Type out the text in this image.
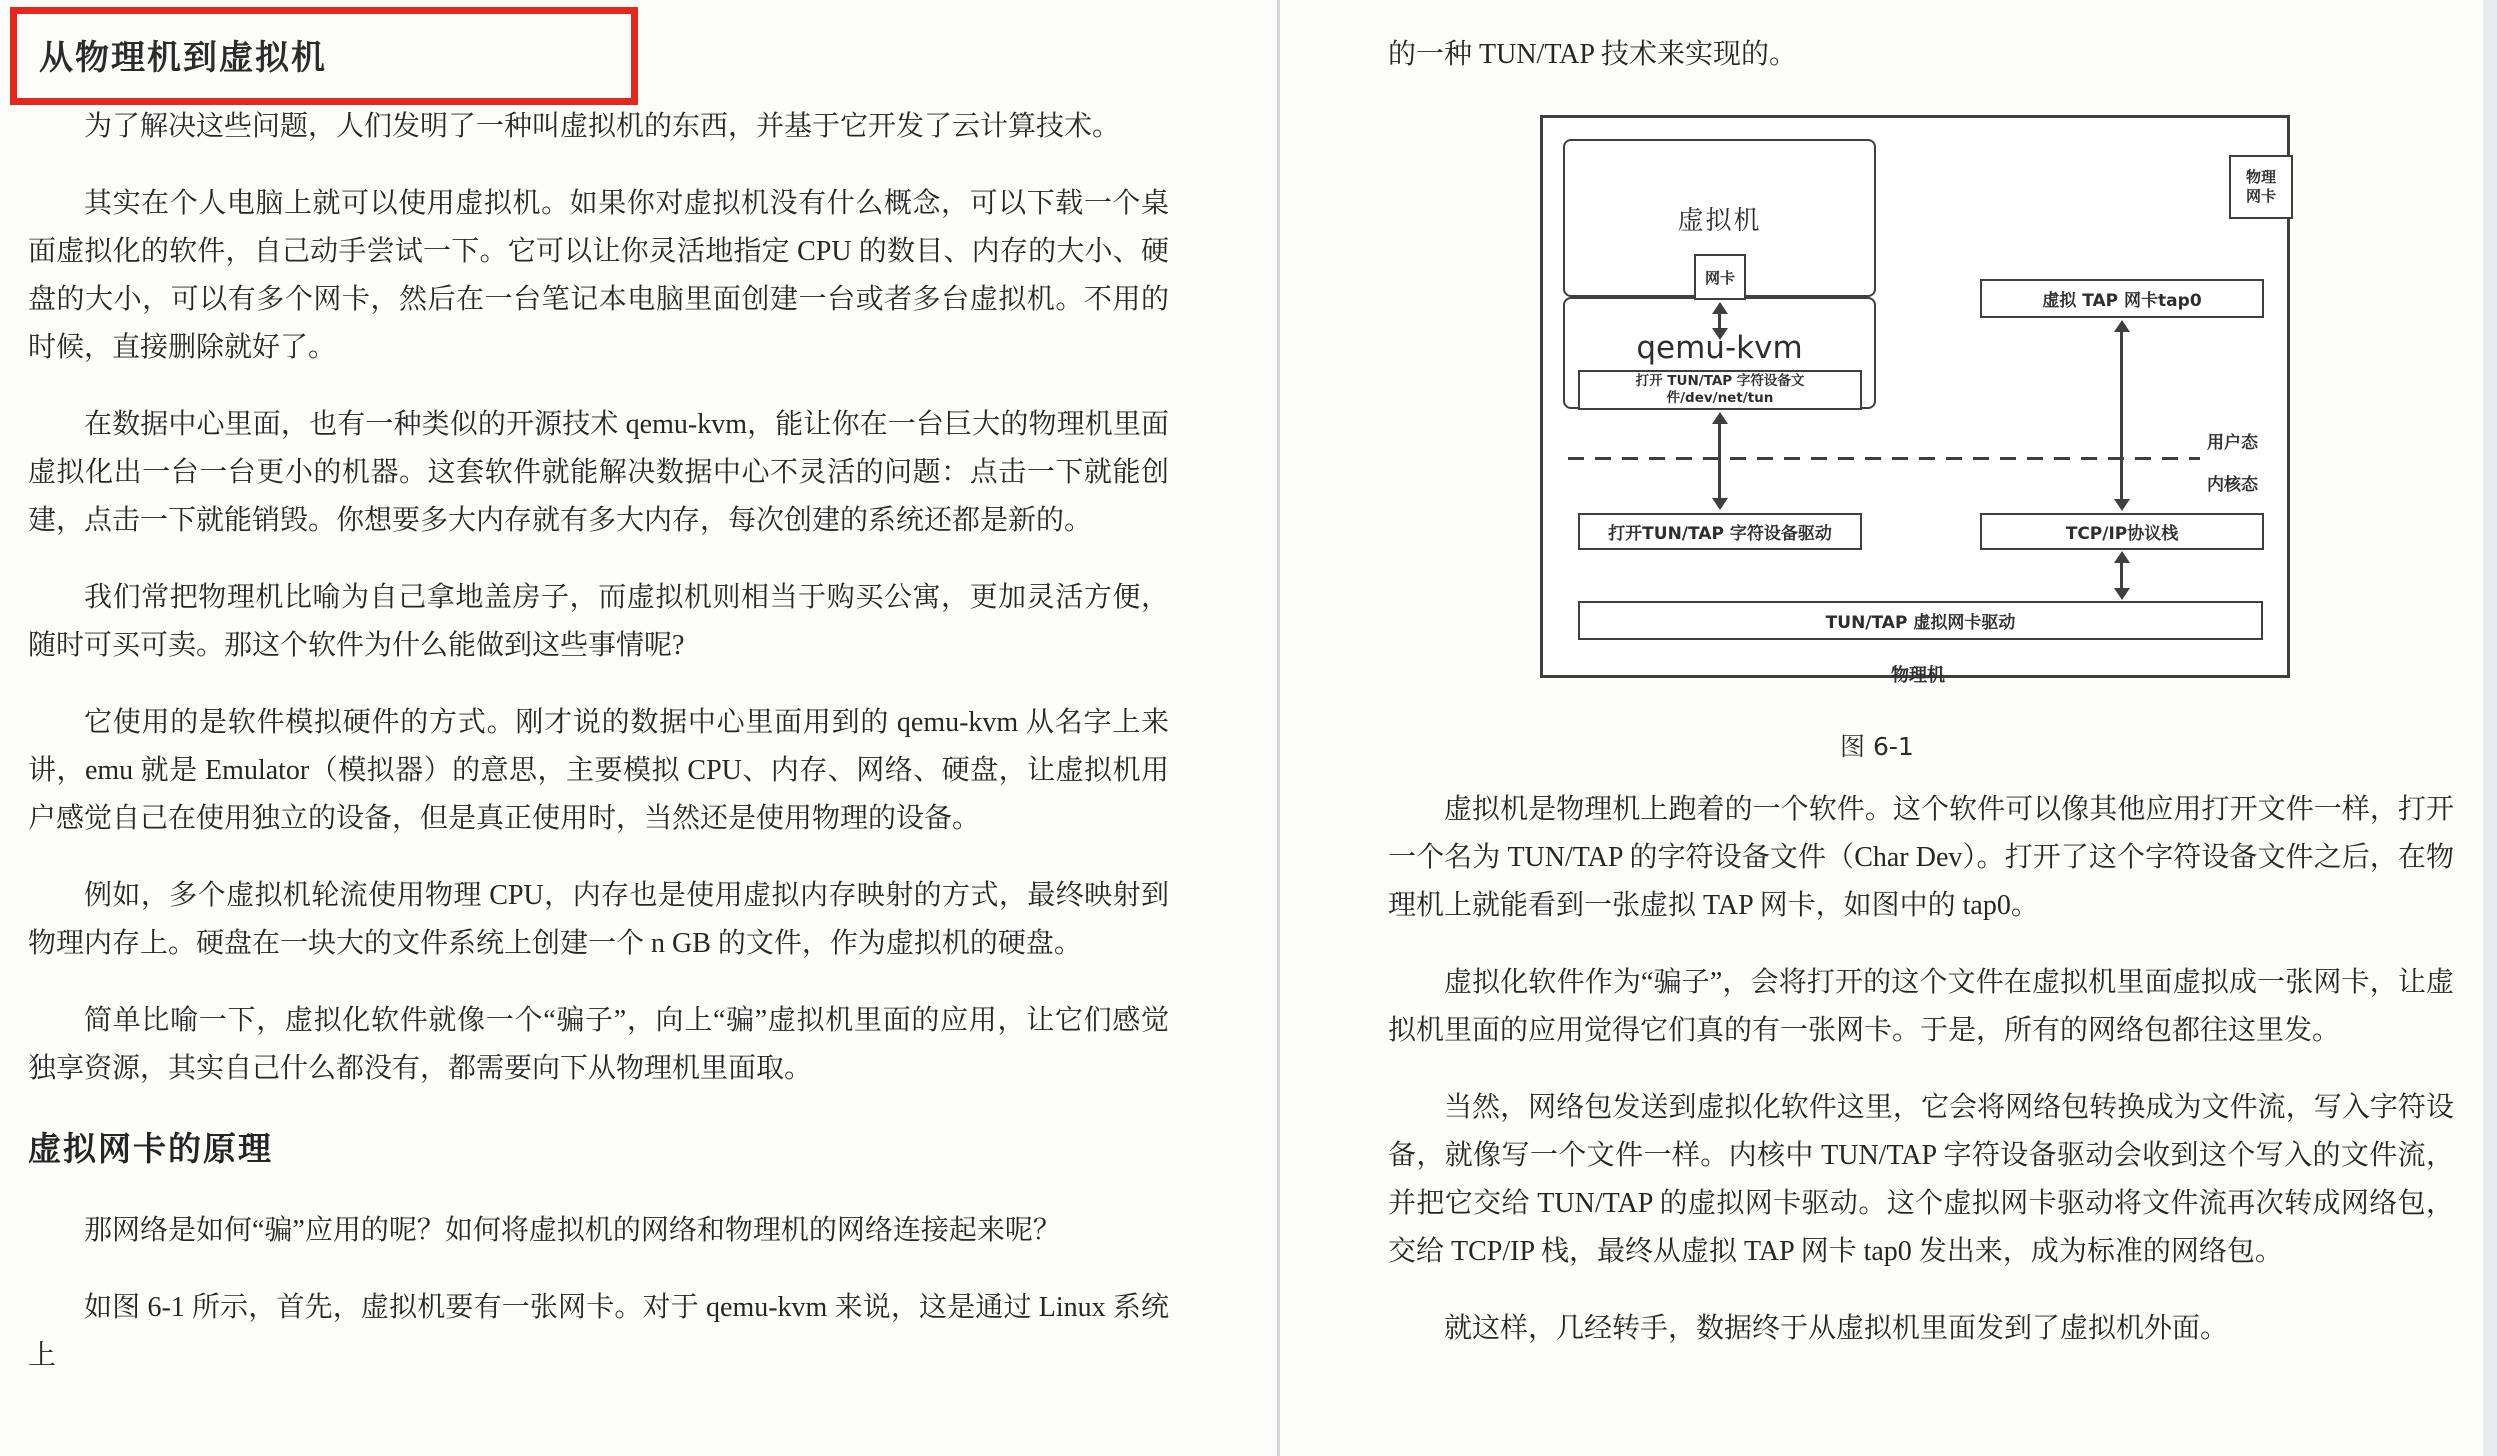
从物理机到虚拟机

为了解决这些问题，人们发明了一种叫虚拟机的东西，并基于它开发了云计算技术。

其实在个人电脑上就可以使用虚拟机。如果你对虚拟机没有什么概念，可以下载一个桌面虚拟化的软件，自己动手尝试一下。它可以让你灵活地指定 CPU 的数目、内存的大小、硬盘的大小，可以有多个网卡，然后在一台笔记本电脑里面创建一台或者多台虚拟机。不用的时候，直接删除就好了。

在数据中心里面，也有一种类似的开源技术 qemu-kvm，能让你在一台巨大的物理机里面虚拟化出一台一台更小的机器。这套软件就能解决数据中心不灵活的问题：点击一下就能创建，点击一下就能销毁。你想要多大内存就有多大内存，每次创建的系统还都是新的。

我们常把物理机比喻为自己拿地盖房子，而虚拟机则相当于购买公寓，更加灵活方便，随时可买可卖。那这个软件为什么能做到这些事情呢?

它使用的是软件模拟硬件的方式。刚才说的数据中心里面用到的 qemu-kvm 从名字上来讲，emu 就是 Emulator（模拟器）的意思，主要模拟 CPU、内存、网络、硬盘，让虚拟机用户感觉自己在使用独立的设备，但是真正使用时，当然还是使用物理的设备。

例如，多个虚拟机轮流使用物理 CPU，内存也是使用虚拟内存映射的方式，最终映射到物理内存上。硬盘在一块大的文件系统上创建一个 n GB 的文件，作为虚拟机的硬盘。

简单比喻一下，虚拟化软件就像一个“骗子”，向上“骗”虚拟机里面的应用，让它们感觉独享资源，其实自己什么都没有，都需要向下从物理机里面取。

虚拟网卡的原理

那网络是如何“骗”应用的呢？如何将虚拟机的网络和物理机的网络连接起来呢？

如图 6-1 所示，首先，虚拟机要有一张网卡。对于 qemu-kvm 来说，这是通过 Linux 系统上

的一种 TUN/TAP 技术来实现的。

虚拟机
网卡
qemu-kvm
打开 TUN/TAP 字符设备文
件/dev/net/tun
物理
网卡
虚拟 TAP 网卡tap0
用户态
内核态
打开TUN/TAP 字符设备驱动	TCP/IP协议栈
TUN/TAP 虚拟网卡驱动
物理机
图 6-1

虚拟机是物理机上跑着的一个软件。这个软件可以像其他应用打开文件一样，打开一个名为 TUN/TAP 的字符设备文件（Char Dev）。打开了这个字符设备文件之后，在物理机上就能看到一张虚拟 TAP 网卡，如图中的 tap0。

虚拟化软件作为“骗子”，会将打开的这个文件在虚拟机里面虚拟成一张网卡，让虚拟机里面的应用觉得它们真的有一张网卡。于是，所有的网络包都往这里发。

当然，网络包发送到虚拟化软件这里，它会将网络包转换成为文件流，写入字符设备，就像写一个文件一样。内核中 TUN/TAP 字符设备驱动会收到这个写入的文件流，并把它交给 TUN/TAP 的虚拟网卡驱动。这个虚拟网卡驱动将文件流再次转成网络包，交给 TCP/IP 栈，最终从虚拟 TAP 网卡 tap0 发出来，成为标准的网络包。

就这样，几经转手，数据终于从虚拟机里面发到了虚拟机外面。
